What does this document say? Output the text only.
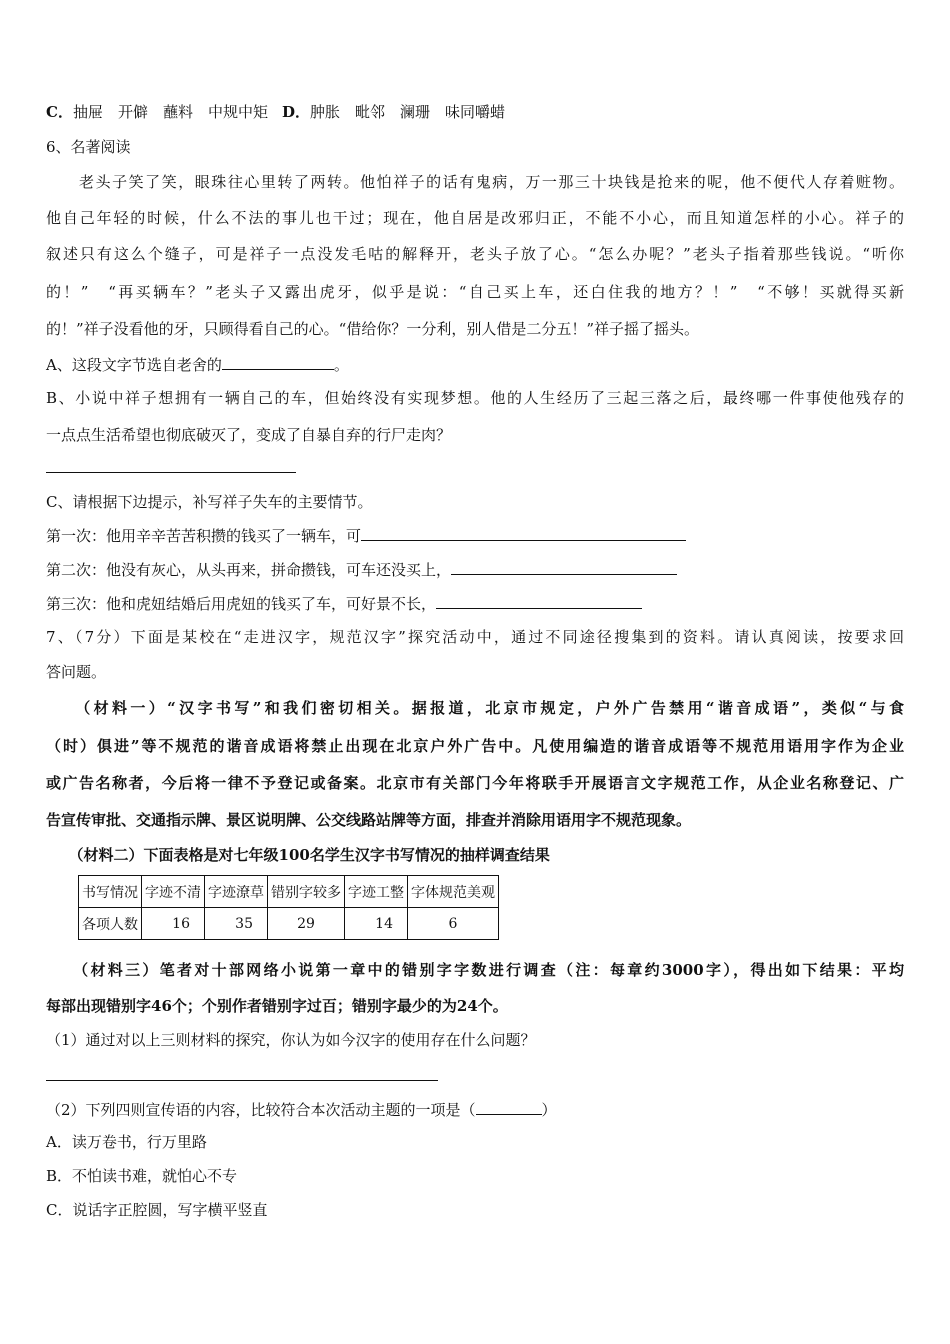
C．抽屉　开僻　蘸料　中规中矩 D．肿胀　毗邻　澜珊　味同嚼蜡
6、名著阅读
　　老头子笑了笑，眼珠往心里转了两转。他怕祥子的话有鬼病，万一那三十块钱是抢来的呢，他不便代人存着赃物。
他自己年轻的时候，什么不法的事儿也干过；现在，他自居是改邪归正，不能不小心，而且知道怎样的小心。祥子的
叙述只有这么个缝子，可是祥子一点没发毛咕的解释开，老头子放了心。“怎么办呢？”老头子指着那些钱说。“听你
的！”　“再买辆车？”老头子又露出虎牙，似乎是说：“自己买上车，还白住我的地方？！”　“不够！买就得买新
的！”祥子没看他的牙，只顾得看自己的心。“借给你？一分利，别人借是二分五！”祥子摇了摇头。
A、这段文字节选自老舍的	。
B、小说中祥子想拥有一辆自己的车，但始终没有实现梦想。他的人生经历了三起三落之后，最终哪一件事使他残存的
一点点生活希望也彻底破灭了，变成了自暴自弃的行尸走肉？
C、请根据下边提示，补写祥子失车的主要情节。
第一次：他用辛辛苦苦积攒的钱买了一辆车，可
第二次：他没有灰心，从头再来，拼命攒钱，可车还没买上，
第三次：他和虎妞结婚后用虎妞的钱买了车，可好景不长，
7、（7分）下面是某校在“走进汉字，规范汉字”探究活动中，通过不同途径搜集到的资料。请认真阅读，按要求回
答问题。
　　（材料一）“汉字书写”和我们密切相关。据报道，北京市规定，户外广告禁用“谐音成语”，类似“与食
（时）俱进”等不规范的谐音成语将禁止出现在北京户外广告中。凡使用编造的谐音成语等不规范用语用字作为企业
或广告名称者，今后将一律不予登记或备案。北京市有关部门今年将联手开展语言文字规范工作，从企业名称登记、广
告宣传审批、交通指示牌、景区说明牌、公交线路站牌等方面，排查并消除用语用字不规范现象。
　　（材料二）下面表格是对七年级100名学生汉字书写情况的抽样调查结果
书写情况	字迹不清	字迹潦草	错别字较多	字迹工整	字体规范美观
各项人数	16	35	29	14	6
　　（材料三）笔者对十部网络小说第一章中的错别字字数进行调查（注：每章约3000字），得出如下结果：平均
每部出现错别字46个；个别作者错别字过百；错别字最少的为24个。
（1）通过对以上三则材料的探究，你认为如今汉字的使用存在什么问题？
（2）下列四则宣传语的内容，比较符合本次活动主题的一项是（	）
A．读万卷书，行万里路
B．不怕读书难，就怕心不专
C．说话字正腔圆，写字横平竖直
